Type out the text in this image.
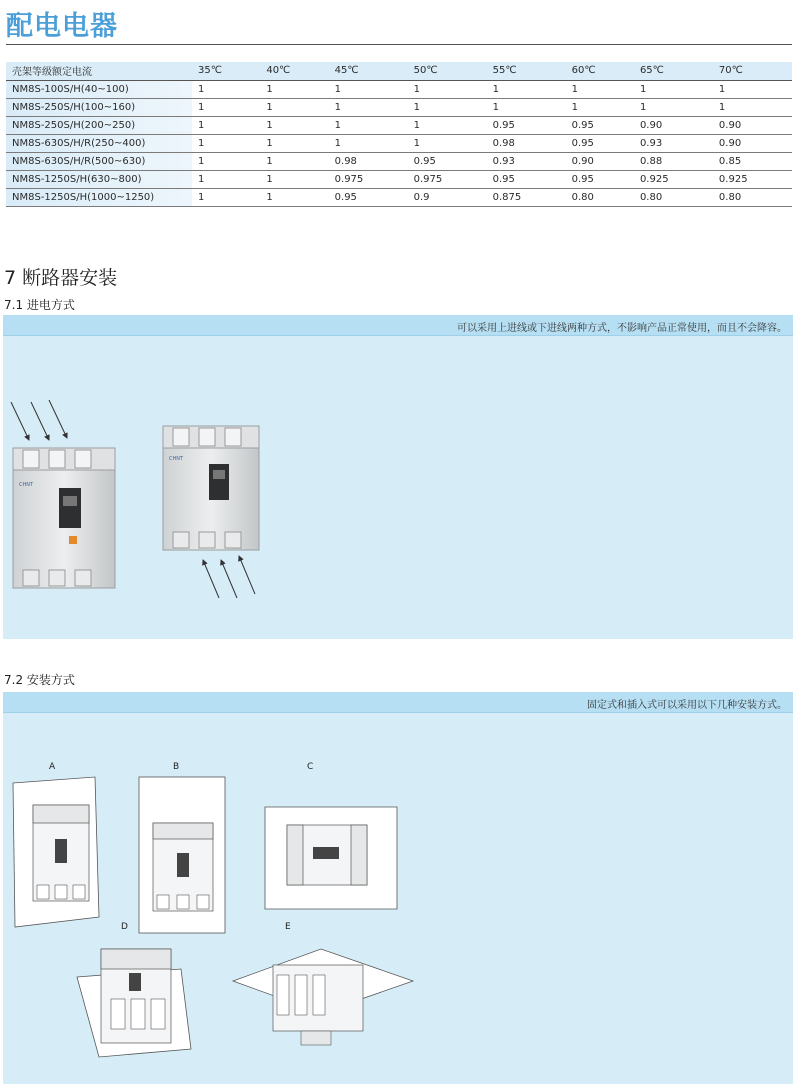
配电电器
壳架等级额定电流	35℃	40℃	45℃	50℃	55℃	60℃	65℃	70℃
NM8S-100S/H(40~100)	1	1	1	1	1	1	1	1
NM8S-250S/H(100~160)	1	1	1	1	1	1	1	1
NM8S-250S/H(200~250)	1	1	1	1	0.95	0.95	0.90	0.90
NM8S-630S/H/R(250~400)	1	1	1	1	0.98	0.95	0.93	0.90
NM8S-630S/H/R(500~630)	1	1	0.98	0.95	0.93	0.90	0.88	0.85
NM8S-1250S/H(630~800)	1	1	0.975	0.975	0.95	0.95	0.925	0.925
NM8S-1250S/H(1000~1250)	1	1	0.95	0.9	0.875	0.80	0.80	0.80
7 断路器安装
7.1 进电方式
可以采用上进线或下进线两种方式，不影响产品正常使用，而且不会降容。
CHNT
CHNT
7.2 安装方式
固定式和插入式可以采用以下几种安装方式。
A	B	C
D	E
